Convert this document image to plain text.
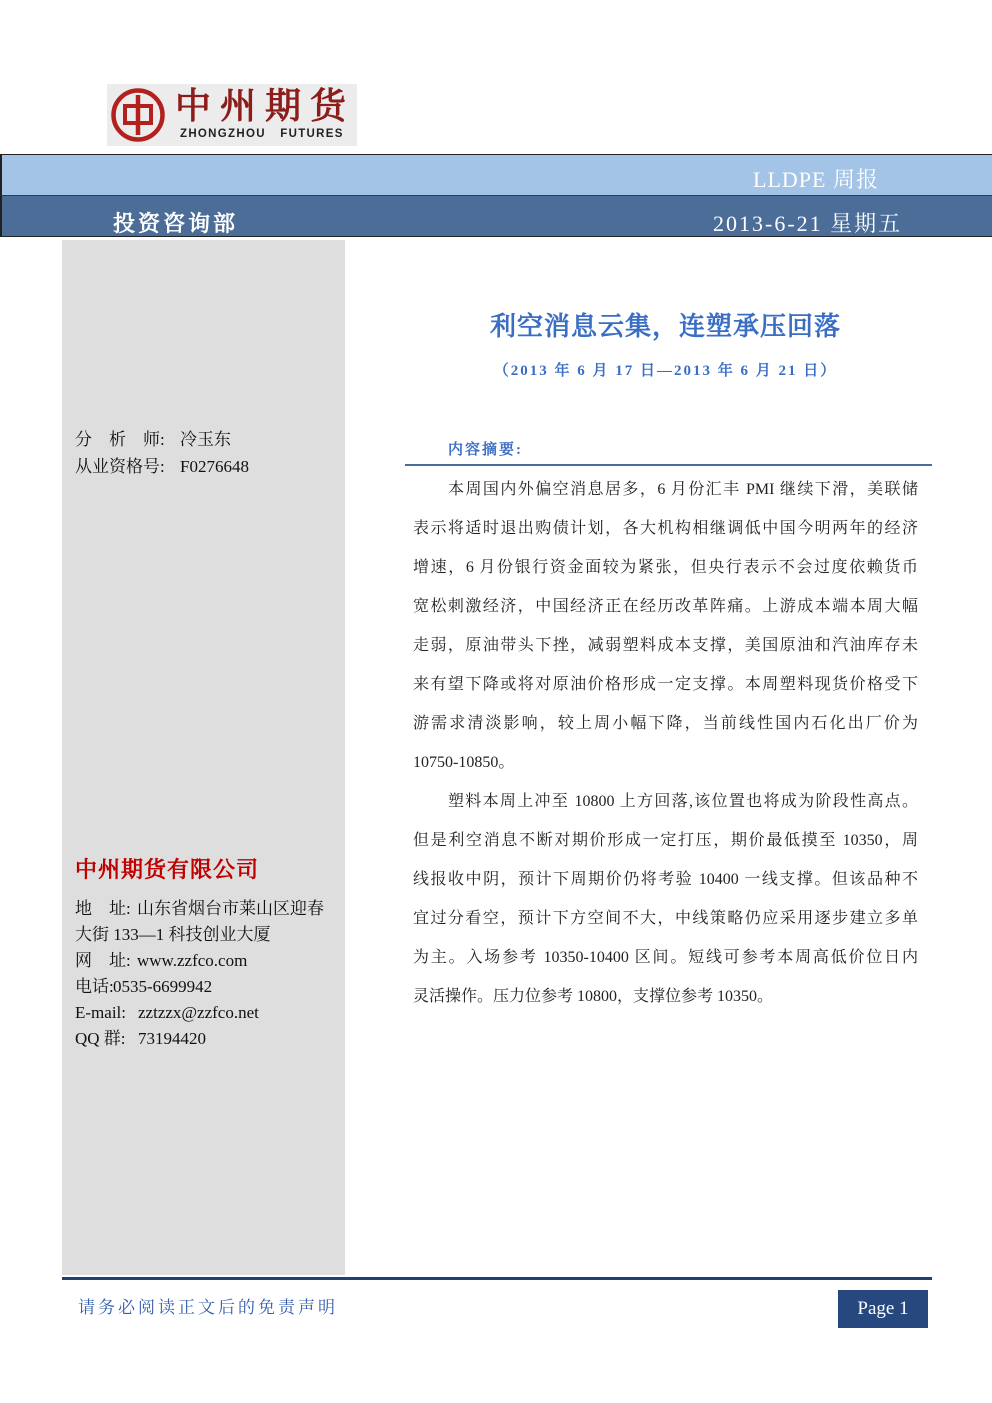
中州期货
ZHONGZHOU FUTURES
LLDPE 周报
投资咨询部	2013-6-21 星期五
分　析　师: 冷玉东
从业资格号: F0276648
中州期货有限公司
地　址: 山东省烟台市莱山区迎春
大街 133—1 科技创业大厦
网　址: www.zzfco.com
电话:0535-6699942
E-mail: zztzzx@zzfco.net
QQ 群: 73194420
利空消息云集，连塑承压回落
（2013 年 6 月 17 日—2013 年 6 月 21 日）
内容摘要:
本周国内外偏空消息居多，6 月份汇丰 PMI 继续下滑，美联储
表示将适时退出购债计划，各大机构相继调低中国今明两年的经济
增速，6 月份银行资金面较为紧张，但央行表示不会过度依赖货币
宽松刺激经济，中国经济正在经历改革阵痛。上游成本端本周大幅
走弱，原油带头下挫，减弱塑料成本支撑，美国原油和汽油库存未
来有望下降或将对原油价格形成一定支撑。本周塑料现货价格受下
游需求清淡影响，较上周小幅下降，当前线性国内石化出厂价为
10750-10850。
塑料本周上冲至 10800 上方回落,该位置也将成为阶段性高点。
但是利空消息不断对期价形成一定打压，期价最低摸至 10350，周
线报收中阴，预计下周期价仍将考验 10400 一线支撑。但该品种不
宜过分看空，预计下方空间不大，中线策略仍应采用逐步建立多单
为主。入场参考 10350-10400 区间。短线可参考本周高低价位日内
灵活操作。压力位参考 10800，支撑位参考 10350。
请务必阅读正文后的免责声明	Page 1
